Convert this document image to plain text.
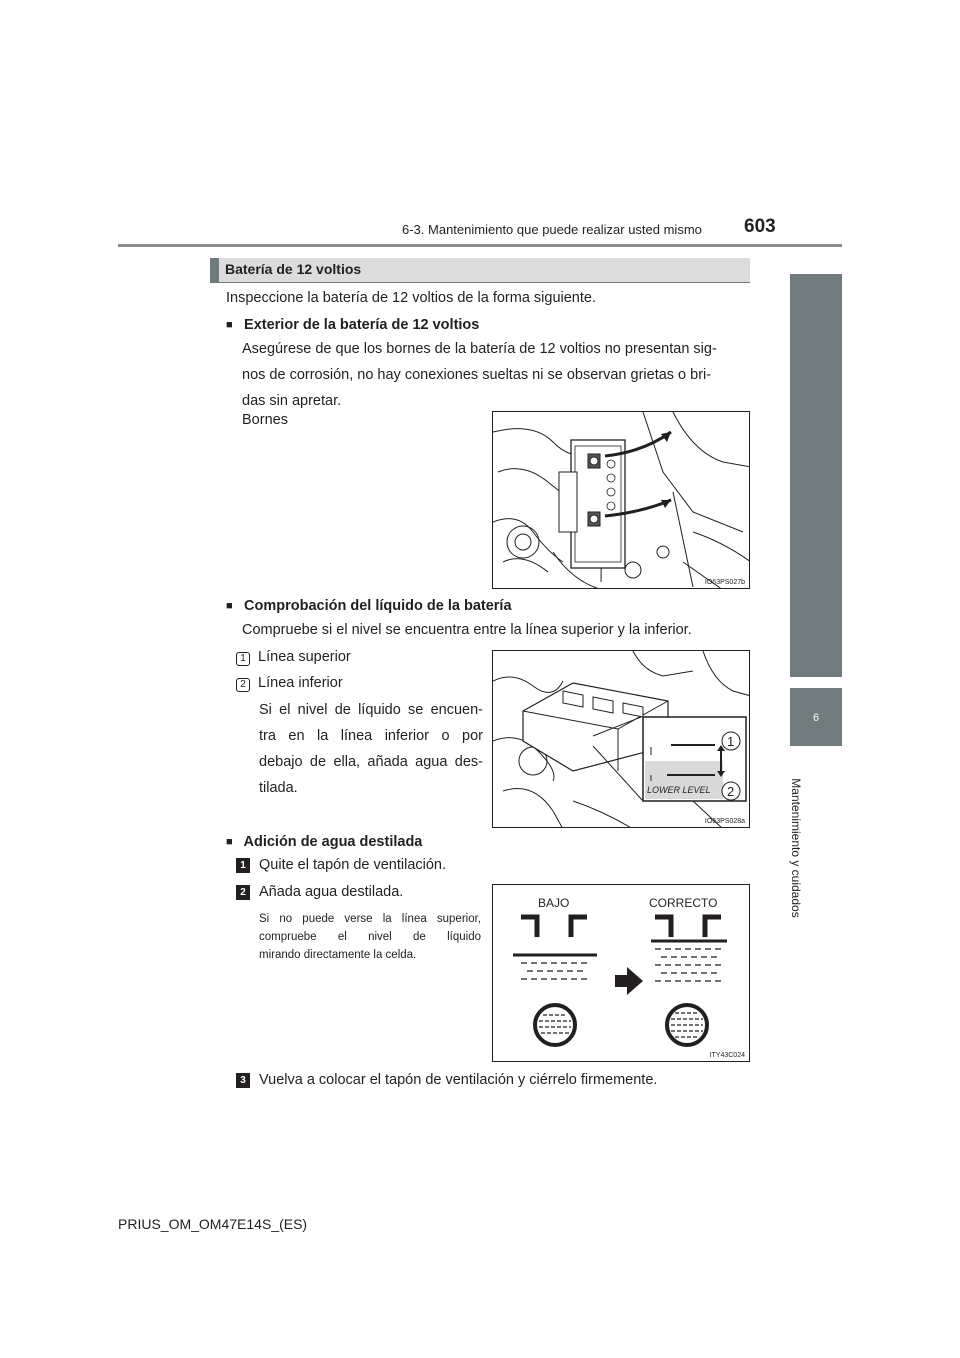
6-3. Mantenimiento que puede realizar usted mismo 603
6
Mantenimiento y cuidados
Batería de 12 voltios
Inspeccione la batería de 12 voltios de la forma siguiente.
■ Exterior de la batería de 12 voltios
Asegúrese de que los bornes de la batería de 12 voltios no presentan sig-
nos de corrosión, no hay conexiones sueltas ni se observan grietas o bri-
das sin apretar.
Bornes
IO63PS027b
■ Comprobación del líquido de la batería
Compruebe si el nivel se encuentra entre la línea superior y la inferior.
1 Línea superior
2 Línea inferior
Si el nivel de líquido se encuen-
tra en la línea inferior o por
debajo de ella, añada agua des-
tilada.	LOWER LEVEL
1
2
IO63PS028a
■ Adición de agua destilada
1 Quite el tapón de ventilación.
2 Añada agua destilada.
Si no puede verse la línea superior,
compruebe el nivel de líquido
mirando directamente la celda.
BAJO	CORRECTO
ITY43C024
3 Vuelva a colocar el tapón de ventilación y ciérrelo firmemente.
PRIUS_OM_OM47E14S_(ES)
